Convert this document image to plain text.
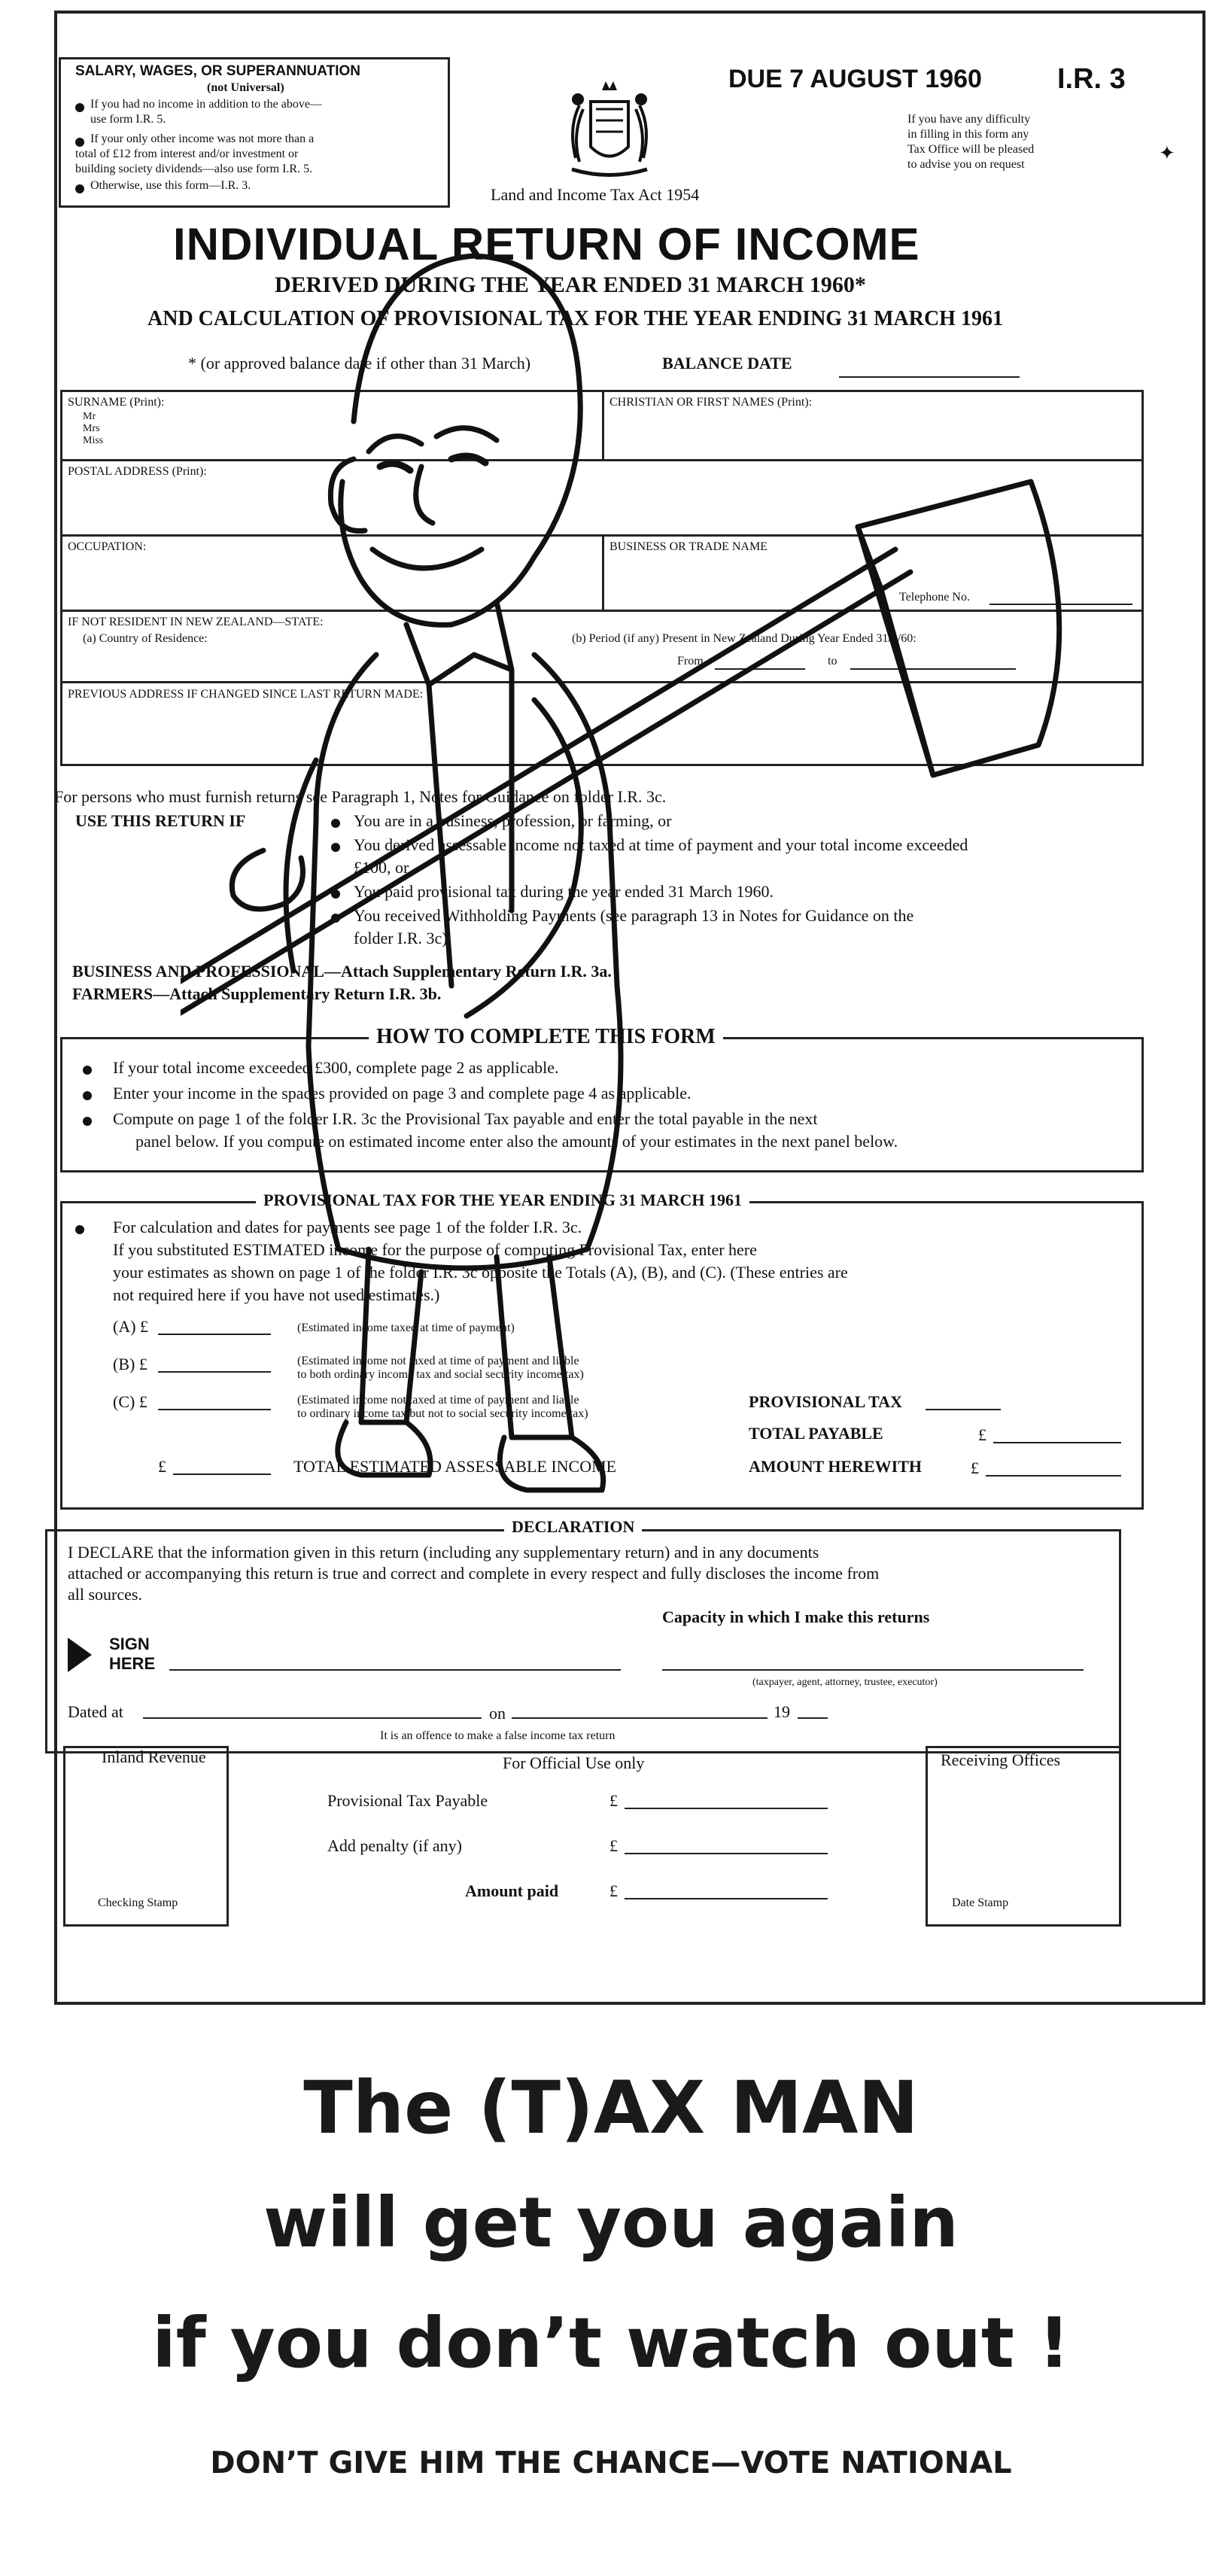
SALARY, WAGES, OR SUPERANNUATION
(not Universal)
If you had no income in addition to the above—
use form I.R. 5.
If your only other income was not more than a
total of £12 from interest and/or investment or
building society dividends—also use form I.R. 5.
Otherwise, use this form—I.R. 3.	Land and Income Tax Act 1954
DUE 7 AUGUST 1960	I.R. 3
If you have any difficulty
in filling in this form any
Tax Office will be pleased
to advise you on request
✦
INDIVIDUAL RETURN OF INCOME
DERIVED DURING THE YEAR ENDED 31 MARCH 1960*
AND CALCULATION OF PROVISIONAL TAX FOR THE YEAR ENDING 31 MARCH 1961
* (or approved balance date if other than 31 March)	BALANCE DATE
SURNAME (Print):
Mr
Mrs
Miss
CHRISTIAN OR FIRST NAMES (Print):
POSTAL ADDRESS (Print):
OCCUPATION:	BUSINESS OR TRADE NAME
Telephone No.
IF NOT RESIDENT IN NEW ZEALAND—STATE:
(a) Country of Residence:	(b) Period (if any) Present in New Zealand During Year Ended 31/3/60:
From	to
PREVIOUS ADDRESS IF CHANGED SINCE LAST RETURN MADE:
For persons who must furnish returns see Paragraph 1, Notes for Guidance on folder I.R. 3c.
USE THIS RETURN IF	You are in a business, profession, or farming, or
You derived assessable income not taxed at time of payment and your total income exceeded
£100, or
You paid provisional tax during the year ended 31 March 1960.
You received Withholding Payments (see paragraph 13 in Notes for Guidance on the
folder I.R. 3c).
BUSINESS AND PROFESSIONAL—Attach Supplementary Return I.R. 3a.
FARMERS—Attach Supplementary Return I.R. 3b.
HOW TO COMPLETE THIS FORM
If your total income exceeded £300, complete page 2 as applicable.
Enter your income in the spaces provided on page 3 and complete page 4 as applicable.
Compute on page 1 of the folder I.R. 3c the Provisional Tax payable and enter the total payable in the next
panel below. If you compute on estimated income enter also the amounts of your estimates in the next panel below.
PROVISIONAL TAX FOR THE YEAR ENDING 31 MARCH 1961
For calculation and dates for payments see page 1 of the folder I.R. 3c.
If you substituted ESTIMATED income for the purpose of computing Provisional Tax, enter here
your estimates as shown on page 1 of the folder I.R. 3c opposite the Totals (A), (B), and (C). (These entries are
not required here if you have not used estimates.)
(A) £	(Estimated income taxed at time of payment)
(B) £	(Estimated income not taxed at time of payment and liable
to both ordinary income tax and social security income tax)
(C) £	(Estimated income not taxed at time of payment and liable
to ordinary income tax but not to social security income tax)
PROVISIONAL TAX
TOTAL PAYABLE	£
£	TOTAL ESTIMATED ASSESSABLE INCOME	AMOUNT HEREWITH	£
DECLARATION
I DECLARE that the information given in this return (including any supplementary return) and in any documents
attached or accompanying this return is true and correct and complete in every respect and fully discloses the income from
all sources.
Capacity in which I make this returns
SIGN
HERE
(taxpayer, agent, attorney, trustee, executor)
Dated at	on	19
It is an offence to make a false income tax return
Inland Revenue
Checking Stamp
For Official Use only	Receiving Offices
Date Stamp
Provisional Tax Payable	£
Add penalty (if any)	£
Amount paid	£
The (T)AX MAN
will get you again
if you don’t watch out !
DON’T GIVE HIM THE CHANCE—VOTE NATIONAL
